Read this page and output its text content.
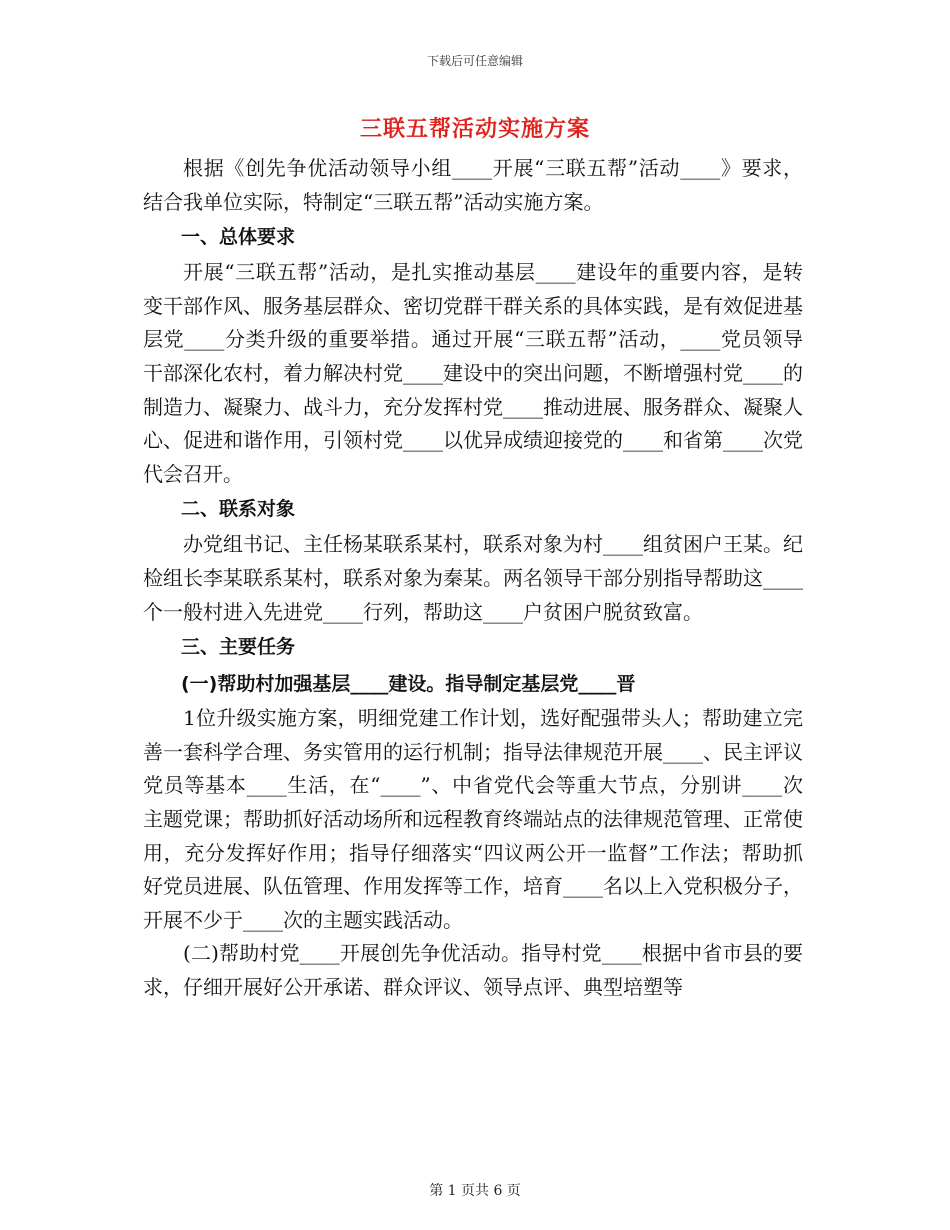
下载后可任意编辑
三联五帮活动实施方案

根据《创先争优活动领导小组____开展“三联五帮”活动____》要求，结合我单位实际，特制定“三联五帮”活动实施方案。

一、总体要求

开展“三联五帮”活动，是扎实推动基层____建设年的重要内容，是转变干部作风、服务基层群众、密切党群干群关系的具体实践，是有效促进基层党____分类升级的重要举措。通过开展“三联五帮”活动，____党员领导干部深化农村，着力解决村党____建设中的突出问题，不断增强村党____的制造力、凝聚力、战斗力，充分发挥村党____推动进展、服务群众、凝聚人心、促进和谐作用，引领村党____以优异成绩迎接党的____和省第____次党代会召开。

二、联系对象

办党组书记、主任杨某联系某村，联系对象为村____组贫困户王某。纪检组长李某联系某村，联系对象为秦某。两名领导干部分别指导帮助这____个一般村进入先进党____行列，帮助这____户贫困户脱贫致富。

三、主要任务

(一)帮助村加强基层____建设。指导制定基层党____晋

1位升级实施方案，明细党建工作计划，选好配强带头人；帮助建立完善一套科学合理、务实管用的运行机制；指导法律规范开展____、民主评议党员等基本____生活，在“____”、中省党代会等重大节点，分别讲____次主题党课；帮助抓好活动场所和远程教育终端站点的法律规范管理、正常使用，充分发挥好作用；指导仔细落实“四议两公开一监督”工作法；帮助抓好党员进展、队伍管理、作用发挥等工作，培育____名以上入党积极分子，开展不少于____次的主题实践活动。

(二)帮助村党____开展创先争优活动。指导村党____根据中省市县的要求，仔细开展好公开承诺、群众评议、领导点评、典型培塑等

第 1 页共 6 页
